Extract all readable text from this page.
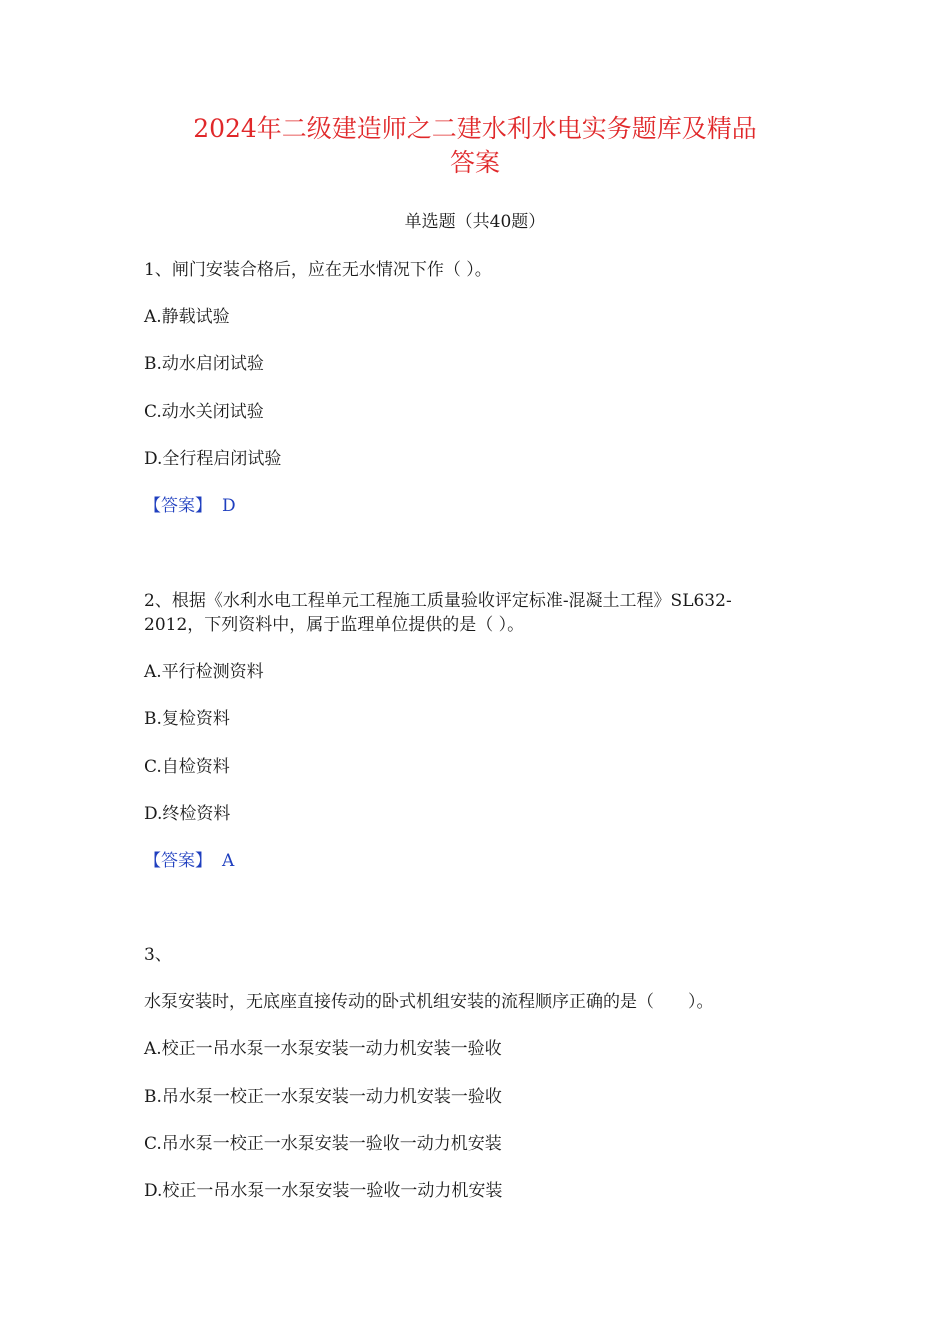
2024年二级建造师之二建水利水电实务题库及精品
答案
单选题（共40题）
1、闸门安装合格后，应在无水情况下作（ ）。
A.静载试验
B.动水启闭试验
C.动水关闭试验
D.全行程启闭试验
【答案】 D
2、根据《水利水电工程单元工程施工质量验收评定标准-混凝土工程》SL632-
2012，下列资料中，属于监理单位提供的是（ ）。
A.平行检测资料
B.复检资料
C.自检资料
D.终检资料
【答案】 A
3、
水泵安装时，无底座直接传动的卧式机组安装的流程顺序正确的是（　　）。
A.校正一吊水泵一水泵安装一动力机安装一验收
B.吊水泵一校正一水泵安装一动力机安装一验收
C.吊水泵一校正一水泵安装一验收一动力机安装
D.校正一吊水泵一水泵安装一验收一动力机安装
